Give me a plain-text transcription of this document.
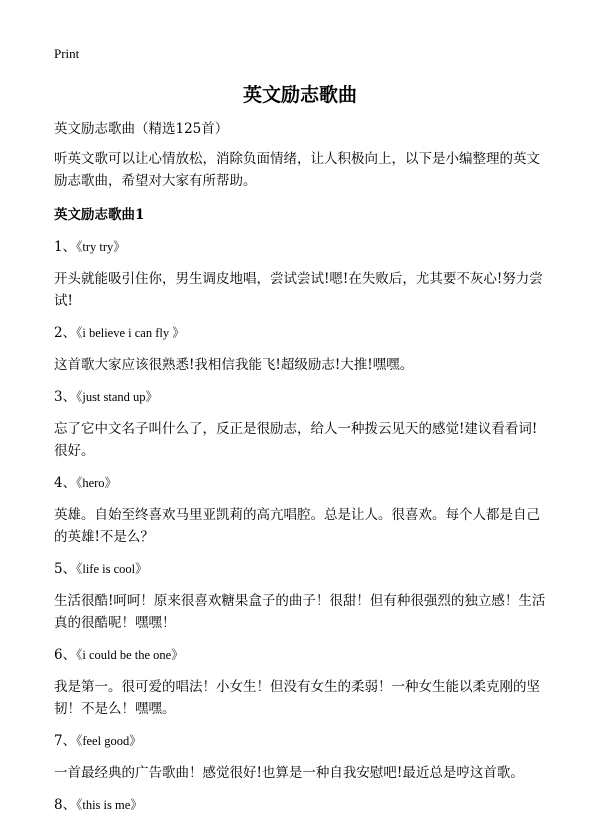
Print
英文励志歌曲

英文励志歌曲（精选125首）

听英文歌可以让心情放松，消除负面情绪，让人积极向上，以下是小编整理的英文励志歌曲，希望对大家有所帮助。

英文励志歌曲1

1、《try try》

开头就能吸引住你，男生调皮地唱，尝试尝试!嗯!在失败后，尤其要不灰心!努力尝试!

2、《i believe i can fly 》

这首歌大家应该很熟悉!我相信我能飞!超级励志!大推!嘿嘿。

3、《just stand up》

忘了它中文名子叫什么了，反正是很励志，给人一种拨云见天的感觉!建议看看词!很好。

4、《hero》

英雄。自始至终喜欢马里亚凯莉的高亢唱腔。总是让人。很喜欢。每个人都是自己的英雄!不是么？

5、《life is cool》

生活很酷!呵呵！原来很喜欢糖果盒子的曲子！很甜！但有种很强烈的独立感！生活真的很酷呢！嘿嘿！

6、《i could be the one》

我是第一。很可爱的唱法！小女生！但没有女生的柔弱！一种女生能以柔克刚的坚韧！不是么！嘿嘿。

7、《feel good》

一首最经典的广告歌曲！感觉很好!也算是一种自我安慰吧!最近总是哼这首歌。

8、《this is me》
